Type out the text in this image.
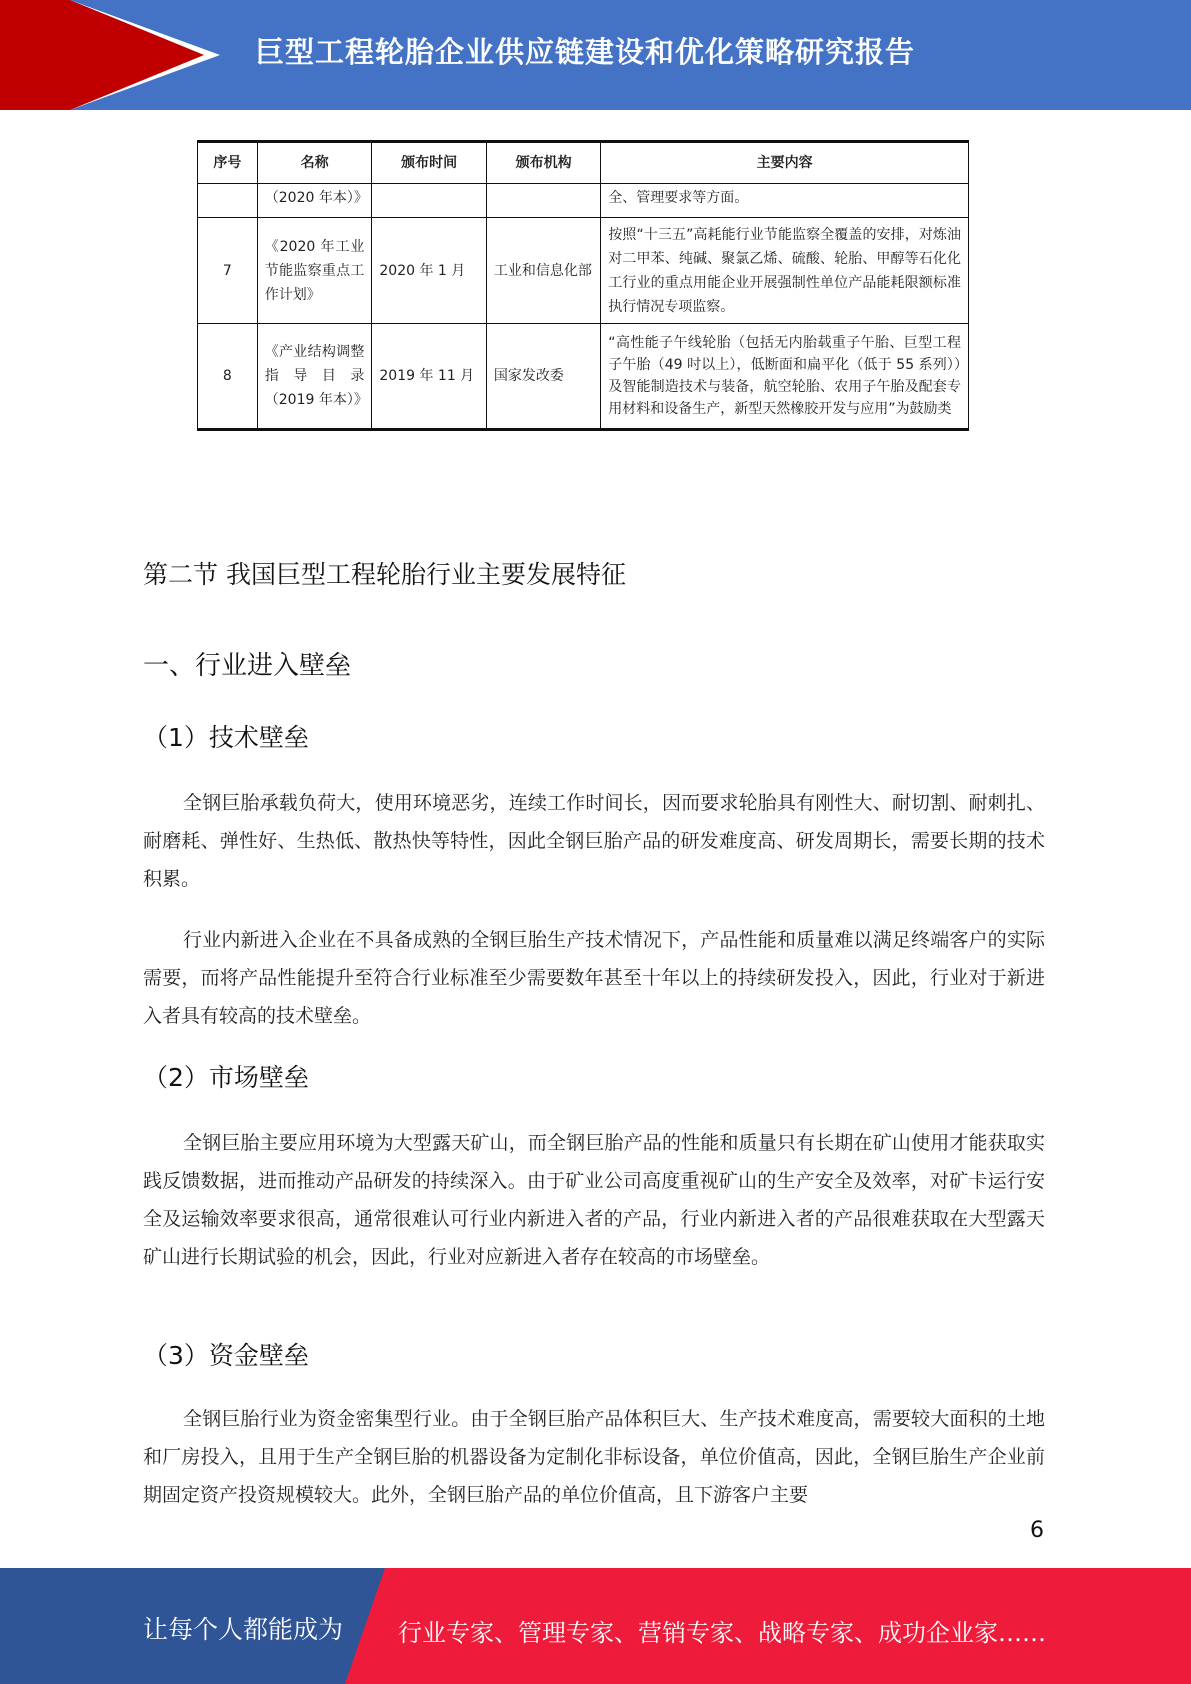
巨型工程轮胎企业供应链建设和优化策略研究报告
序号	名称	颁布时间	颁布机构	主要内容
	（2020 年本）》			全、管理要求等方面。
7	《2020 年工业节能监察重点工作计划》	2020 年 1 月	工业和信息化部	按照“十三五”高耗能行业节能监察全覆盖的安排，对炼油对二甲苯、纯碱、聚氯乙烯、硫酸、轮胎、甲醇等石化化工行业的重点用能企业开展强制性单位产品能耗限额标准执行情况专项监察。
8	《产业结构调整指导目录（2019 年本）》	2019 年 11 月	国家发改委	“高性能子午线轮胎（包括无内胎载重子午胎、巨型工程子午胎（49 吋以上），低断面和扁平化（低于 55 系列））及智能制造技术与装备，航空轮胎、农用子午胎及配套专用材料和设备生产，新型天然橡胶开发与应用”为鼓励类
第二节 我国巨型工程轮胎行业主要发展特征
一、行业进入壁垒
（1）技术壁垒

全钢巨胎承载负荷大，使用环境恶劣，连续工作时间长，因而要求轮胎具有刚性大、耐切割、耐刺扎、耐磨耗、弹性好、生热低、散热快等特性，因此全钢巨胎产品的研发难度高、研发周期长，需要长期的技术积累。

行业内新进入企业在不具备成熟的全钢巨胎生产技术情况下，产品性能和质量难以满足终端客户的实际需要，而将产品性能提升至符合行业标准至少需要数年甚至十年以上的持续研发投入，因此，行业对于新进入者具有较高的技术壁垒。

（2）市场壁垒

全钢巨胎主要应用环境为大型露天矿山，而全钢巨胎产品的性能和质量只有长期在矿山使用才能获取实践反馈数据，进而推动产品研发的持续深入。由于矿业公司高度重视矿山的生产安全及效率，对矿卡运行安全及运输效率要求很高，通常很难认可行业内新进入者的产品，行业内新进入者的产品很难获取在大型露天矿山进行长期试验的机会，因此，行业对应新进入者存在较高的市场壁垒。

（3）资金壁垒

全钢巨胎行业为资金密集型行业。由于全钢巨胎产品体积巨大、生产技术难度高，需要较大面积的土地和厂房投入，且用于生产全钢巨胎的机器设备为定制化非标设备，单位价值高，因此，全钢巨胎生产企业前期固定资产投资规模较大。此外，全钢巨胎产品的单位价值高，且下游客户主要

6
让每个人都能成为 行业专家、管理专家、营销专家、战略专家、成功企业家……
